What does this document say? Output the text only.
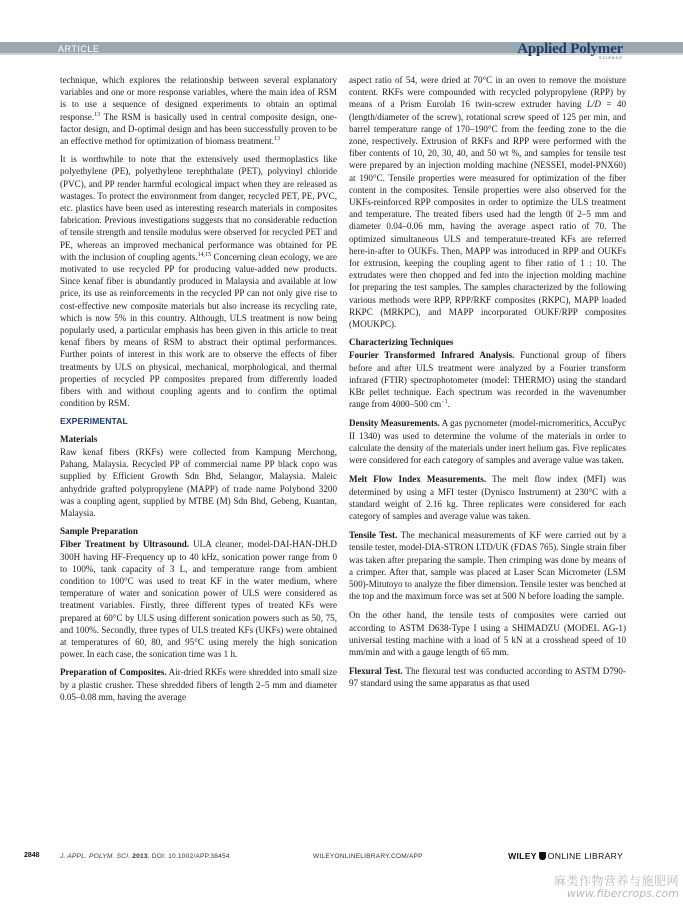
ARTICLE	Applied Polymer
SCIENCE

technique, which explores the relationship between several explanatory variables and one or more response variables, where the main idea of RSM is to use a sequence of designed experiments to obtain an optimal response.$^{13}$ The RSM is basically used in central composite design, one-factor design, and D-optimal design and has been successfully proven to be an effective method for optimization of biomass treatment.$^{13}$

It is worthwhile to note that the extensively used thermoplastics like polyethylene (PE), polyethylene terephthalate (PET), polyvinyl chloride (PVC), and PP render harmful ecological impact when they are released as wastages. To protect the environment from danger, recycled PET, PE, PVC, etc. plastics have been used as interesting research materials in composites fabrication. Previous investigations suggests that no considerable reduction of tensile strength and tensile modulus were observed for recycled PET and PE, whereas an improved mechanical performance was obtained for PE with the inclusion of coupling agents.$^{14,15}$ Concerning clean ecology, we are motivated to use recycled PP for producing value-added new products. Since kenaf fiber is abundantly produced in Malaysia and available at low price, its use as reinforcements in the recycled PP can not only give rise to cost-effective new composite materials but also increase its recycling rate, which is now 5% in this country. Although, ULS treatment is now being popularly used, a particular emphasis has been given in this article to treat kenaf fibers by means of RSM to abstract their optimal performances. Further points of interest in this work are to observe the effects of fiber treatments by ULS on physical, mechanical, morphological, and thermal properties of recycled PP composites prepared from differently loaded fibers with and without coupling agents and to confirm the optimal condition by RSM.

EXPERIMENTAL
Materials

Raw kenaf fibers (RKFs) were collected from Kampung Merchong, Pahang, Malaysia. Recycled PP of commercial name PP black copo was supplied by Efficient Growth Sdn Bhd, Selangor, Malaysia. Maleic anhydride grafted polypropylene (MAPP) of trade name Polybond 3200 was a coupling agent, supplied by MTBE (M) Sdn Bhd, Gebeng, Kuantan, Malaysia.

Sample Preparation

Fiber Treatment by Ultrasound. ULA cleaner, model-DAI-HAN-DH.D 300H having HF-Frequency up to 40 kHz, sonication power range from 0 to 100%, tank capacity of 3 L, and temperature range from ambient condition to 100°C was used to treat KF in the water medium, where temperature of water and sonication power of ULS were considered as treatment variables. Firstly, three different types of treated KFs were prepared at 60°C by ULS using different sonication powers such as 50, 75, and 100%. Secondly, three types of ULS treated KFs (UKFs) were obtained at temperatures of 60, 80, and 95°C using merely the high sonication power. In each case, the sonication time was 1 h.

Preparation of Composites. Air-dried RKFs were shredded into small size by a plastic crusher. These shredded fibers of length 2–5 mm and diameter 0.05–0.08 mm, having the average

aspect ratio of 54, were dried at 70°C in an oven to remove the moisture content. RKFs were compounded with recycled polypropylene (RPP) by means of a Prism Eurolab 16 twin-screw extruder having L/D = 40 (length/diameter of the screw), rotational screw speed of 125 per min, and barrel temperature range of 170–190°C from the feeding zone to the die zone, respectively. Extrusion of RKFs and RPP were performed with the fiber contents of 10, 20, 30, 40, and 50 wt %, and samples for tensile test were prepared by an injection molding machine (NESSEI, model-PNX60) at 190°C. Tensile properties were measured for optimization of the fiber content in the composites. Tensile properties were also observed for the UKFs-reinforced RPP composites in order to optimize the ULS treatment and temperature. The treated fibers used had the length 0f 2–5 mm and diameter 0.04–0.06 mm, having the average aspect ratio of 70. The optimized simultaneous ULS and temperature-treated KFs are referred here-in-after to OUKFs. Then, MAPP was introduced in RPP and OUKFs for extrusion, keeping the coupling agent to fiber ratio of 1 : 10. The extrudates were then chopped and fed into the injection molding machine for preparing the test samples. The samples characterized by the following various methods were RPP, RPP/RKF composites (RKPC), MAPP loaded RKPC (MRKPC), and MAPP incorporated OUKF/RPP composites (MOUKPC).

Characterizing Techniques

Fourier Transformed Infrared Analysis. Functional group of fibers before and after ULS treatment were analyzed by a Fourier transform infrared (FTIR) spectrophotometer (model: THERMO) using the standard KBr pellet technique. Each spectrum was recorded in the wavenumber range from 4000–500 $cm^{-1}$.

Density Measurements. A gas pycnometer (model-micromeritics, AccuPyc II 1340) was used to determine the volume of the materials in order to calculate the density of the materials under inert helium gas. Five replicates were considered for each category of samples and average value was taken.

Melt Flow Index Measurements. The melt flow index (MFI) was determined by using a MFI tester (Dynisco Instrument) at 230°C with a standard weight of 2.16 kg. Three replicates were considered for each category of samples and average value was taken.

Tensile Test. The mechanical measurements of KF were carried out by a tensile tester, model-DIA-STRON LTD/UK (FDAS 765). Single strain fiber was taken after preparing the sample. Then crimping was done by means of a crimper. After that, sample was placed at Laser Scan Micrometer (LSM 500)-Mitutoyo to analyze the fiber dimension. Tensile tester was benched at the top and the maximum force was set at 500 N before loading the sample.

On the other hand, the tensile tests of composites were carried out according to ASTM D638-Type I using a SHIMADZU (MODEL AG-1) universal testing machine with a load of 5 kN at a crosshead speed of 10 mm/min and with a gauge length of 65 mm.

Flexural Test. The flexural test was conducted according to ASTM D790-97 standard using the same apparatus as that used

2848	J. APPL. POLYM. SCI. 2013, DOI: 10.1002/APP.38454	WILEYONLINELIBRARY.COM/APP	WILEY ONLINE LIBRARY
麻类作物营养与施肥网
www.fibercrops.com
